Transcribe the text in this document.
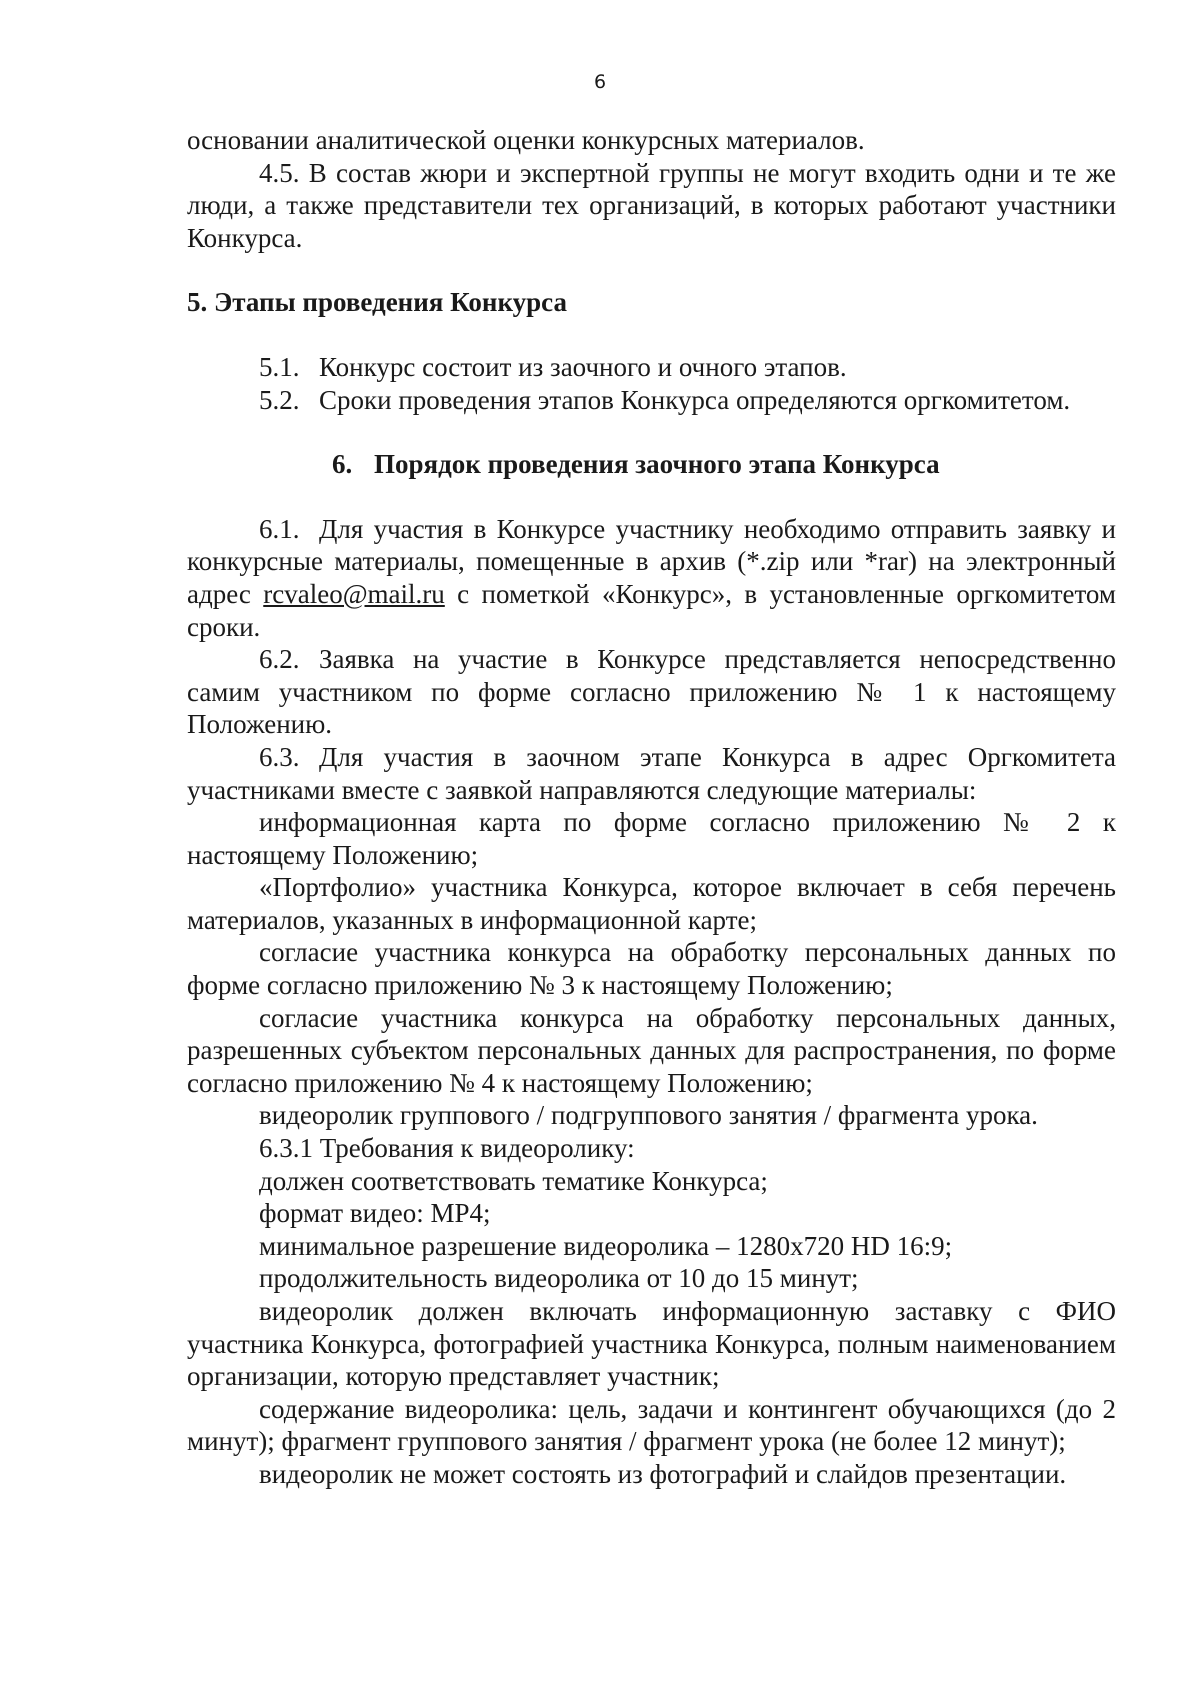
6

основании аналитической оценки конкурсных материалов.

4.5. В состав жюри и экспертной группы не могут входить одни и те же люди, а также представители тех организаций, в которых работают участники Конкурса.

5. Этапы проведения Конкурса

5.1. Конкурс состоит из заочного и очного этапов.

5.2. Сроки проведения этапов Конкурса определяются оргкомитетом.

6. Порядок проведения заочного этапа Конкурса

6.1. Для участия в Конкурсе участнику необходимо отправить заявку и конкурсные материалы, помещенные в архив (*.zip или *rar) на электронный адрес rcvaleo@mail.ru с пометкой «Конкурс», в установленные оргкомитетом сроки.

6.2. Заявка на участие в Конкурсе представляется непосредственно самим участником по форме согласно приложению № 1 к настоящему Положению.

6.3. Для участия в заочном этапе Конкурса в адрес Оргкомитета участниками вместе с заявкой направляются следующие материалы:

информационная карта по форме согласно приложению № 2 к настоящему Положению;

«Портфолио» участника Конкурса, которое включает в себя перечень материалов, указанных в информационной карте;

согласие участника конкурса на обработку персональных данных по форме согласно приложению № 3 к настоящему Положению;

согласие участника конкурса на обработку персональных данных, разрешенных субъектом персональных данных для распространения, по форме согласно приложению № 4 к настоящему Положению;

видеоролик группового / подгруппового занятия / фрагмента урока.

6.3.1 Требования к видеоролику:

должен соответствовать тематике Конкурса;

формат видео: MP4;

минимальное разрешение видеоролика – 1280x720 HD 16:9;

продолжительность видеоролика от 10 до 15 минут;

видеоролик должен включать информационную заставку с ФИО участника Конкурса, фотографией участника Конкурса, полным наименованием организации, которую представляет участник;

содержание видеоролика: цель, задачи и контингент обучающихся (до 2 минут); фрагмент группового занятия / фрагмент урока (не более 12 минут);

видеоролик не может состоять из фотографий и слайдов презентации.
